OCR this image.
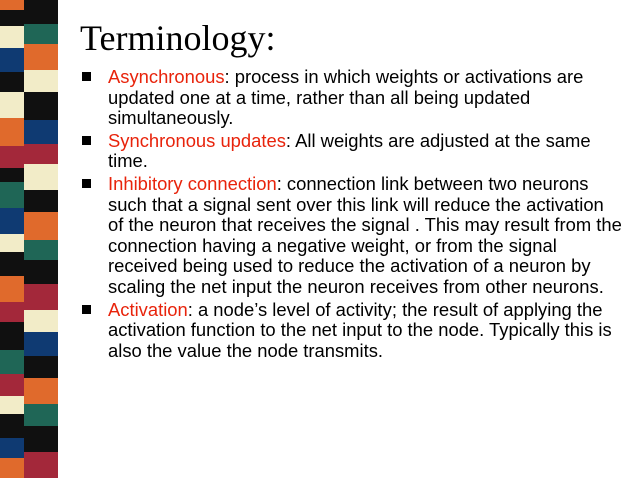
Terminology:
Asynchronous: process in which weights or activations are updated one at a time, rather than all being updated simultaneously.
Synchronous updates: All weights are adjusted at the same time.
Inhibitory connection: connection link between two neurons such that a signal sent over this link will reduce the activation of the neuron that receives the signal . This may result from the connection having a negative weight, or from the signal received being used to reduce the activation of a neuron by scaling the net input the neuron receives from other neurons.
Activation: a node’s level of activity; the result of applying the activation function to the net input to the node. Typically this is also the value the node transmits.
